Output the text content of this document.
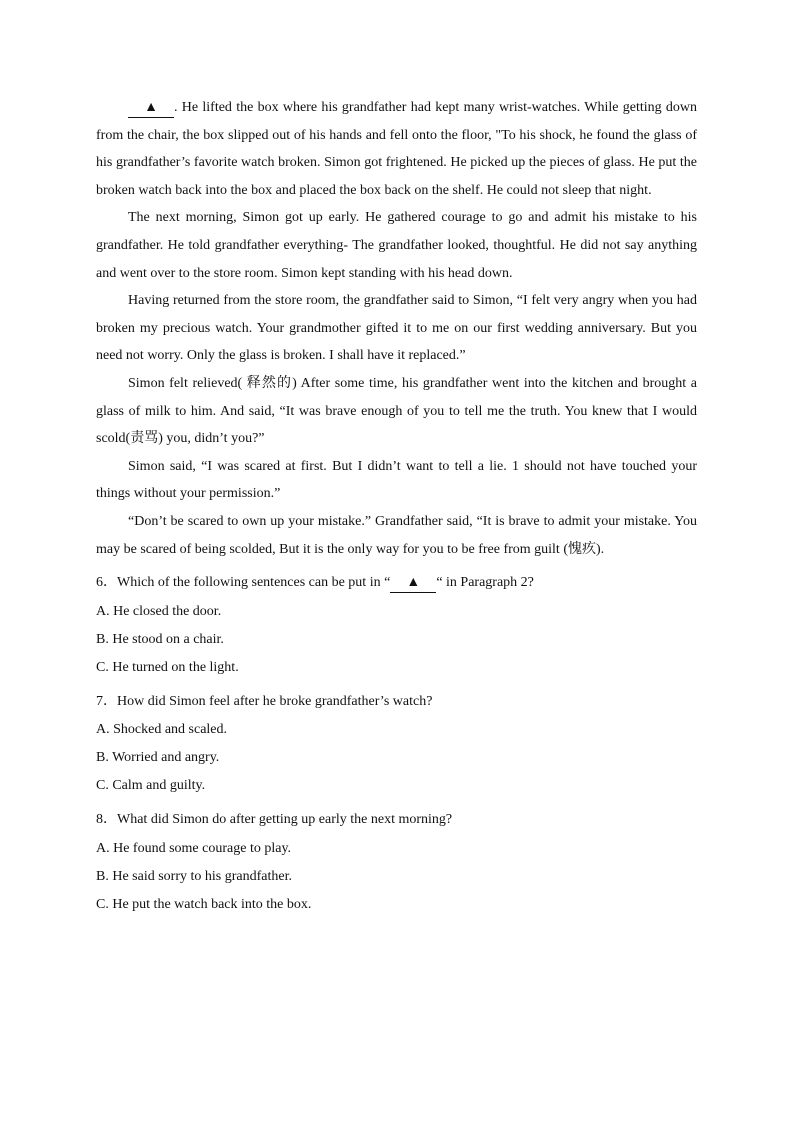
▲ . He lifted the box where his grandfather had kept many wrist-watches. While getting down from the chair, the box slipped out of his hands and fell onto the floor, "To his shock, he found the glass of his grandfather’s favorite watch broken. Simon got frightened. He picked up the pieces of glass. He put the broken watch back into the box and placed the box back on the shelf. He could not sleep that night.

The next morning, Simon got up early. He gathered courage to go and admit his mistake to his grandfather. He told grandfather everything- The grandfather looked, thoughtful. He did not say anything and went over to the store room. Simon kept standing with his head down.

Having returned from the store room, the grandfather said to Simon, “I felt very angry when you had broken my precious watch. Your grandmother gifted it to me on our first wedding anniversary. But you need not worry. Only the glass is broken. I shall have it replaced.”

Simon felt relieved( 释然的) After some time, his grandfather went into the kitchen and brought a glass of milk to him. And said, “It was brave enough of you to tell me the truth. You knew that I would scold(责骂) you, didn’t you?”

Simon said, “I was scared at first. But I didn’t want to tell a lie. 1 should not have touched your things without your permission.”

“Don’t be scared to own up your mistake.” Grandfather said, “It is brave to admit your mistake. You may be scared of being scolded, But it is the only way for you to be free from guilt (愧疚).

6．Which of the following sentences can be put in “ ▲ “ in Paragraph 2?

A. He closed the door.

B. He stood on a chair.

C. He turned on the light.

7．How did Simon feel after he broke grandfather’s watch?

A. Shocked and scaled.

B. Worried and angry.

C. Calm and guilty.

8．What did Simon do after getting up early the next morning?

A. He found some courage to play.

B. He said sorry to his grandfather.

C. He put the watch back into the box.
